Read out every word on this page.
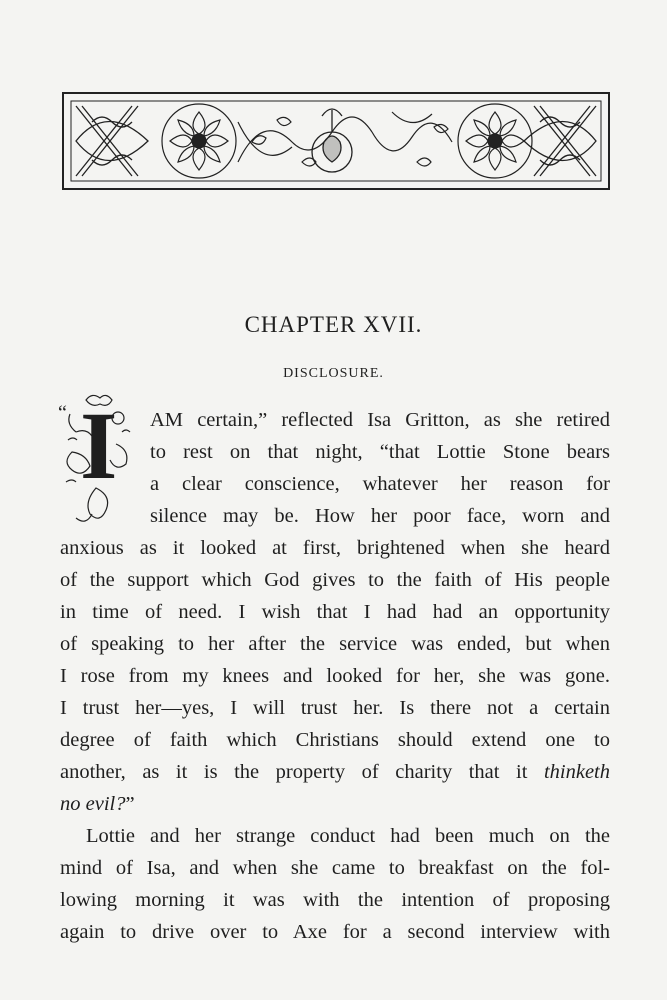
CHAPTER XVII.
DISCLOSURE.
“ I AM certain,” reflected Isa Gritton, as she retired
to rest on that night, “that Lottie Stone bears
a clear conscience, whatever her reason for
silence may be. How her poor face, worn and
anxious as it looked at first, brightened when she heard
of the support which God gives to the faith of His people
in time of need. I wish that I had had an opportunity
of speaking to her after the service was ended, but when
I rose from my knees and looked for her, she was gone.
I trust her—yes, I will trust her. Is there not a certain
degree of faith which Christians should extend one to
another, as it is the property of charity that it thinketh
no evil?”
Lottie and her strange conduct had been much on the
mind of Isa, and when she came to breakfast on the fol-
lowing morning it was with the intention of proposing
again to drive over to Axe for a second interview with
